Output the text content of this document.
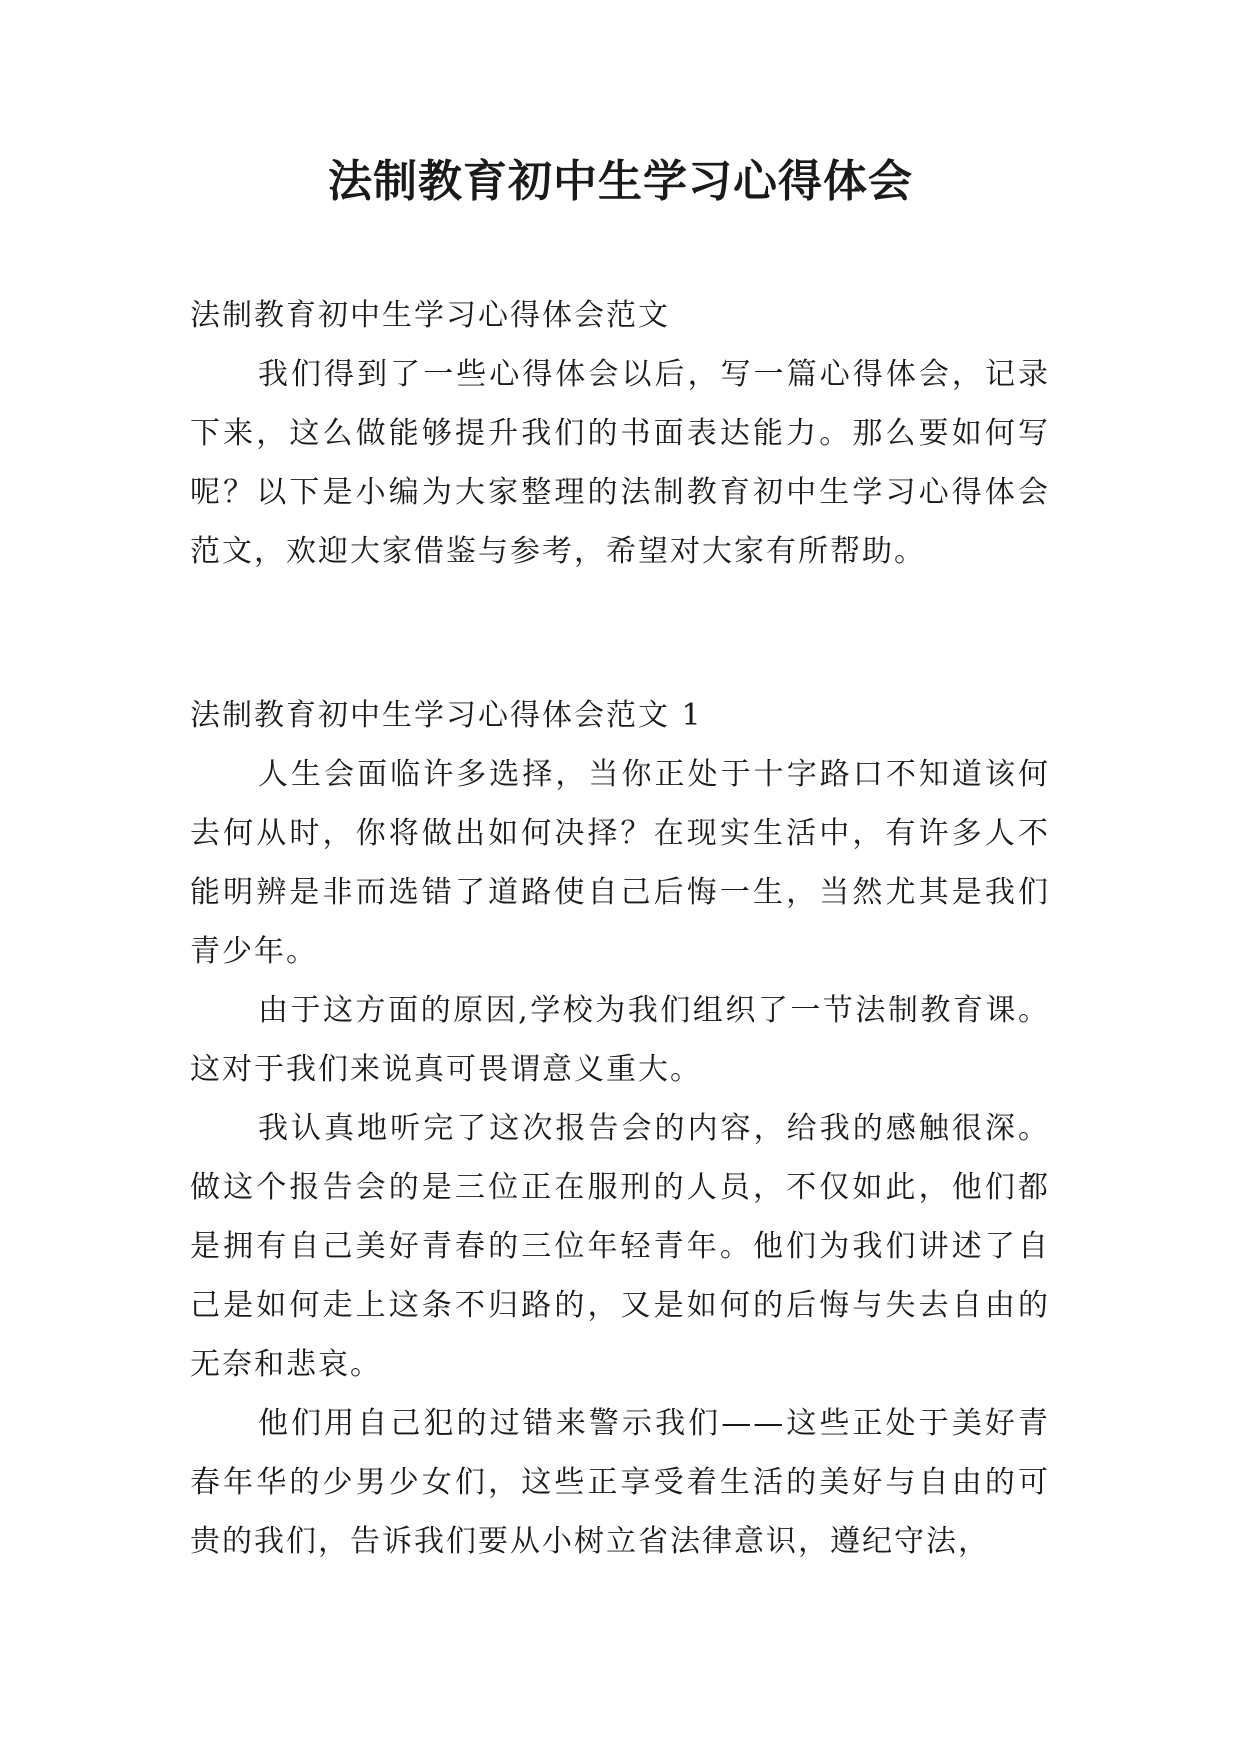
法制教育初中生学习心得体会
法制教育初中生学习心得体会范文

我们得到了一些心得体会以后，写一篇心得体会，记录下来，这么做能够提升我们的书面表达能力。那么要如何写呢？以下是小编为大家整理的法制教育初中生学习心得体会范文，欢迎大家借鉴与参考，希望对大家有所帮助。

法制教育初中生学习心得体会范文 1

人生会面临许多选择，当你正处于十字路口不知道该何去何从时，你将做出如何决择？在现实生活中，有许多人不能明辨是非而选错了道路使自己后悔一生，当然尤其是我们青少年。

由于这方面的原因,学校为我们组织了一节法制教育课。这对于我们来说真可畏谓意义重大。

我认真地听完了这次报告会的内容，给我的感触很深。做这个报告会的是三位正在服刑的人员，不仅如此，他们都是拥有自己美好青春的三位年轻青年。他们为我们讲述了自己是如何走上这条不归路的，又是如何的后悔与失去自由的无奈和悲哀。

他们用自己犯的过错来警示我们——这些正处于美好青春年华的少男少女们，这些正享受着生活的美好与自由的可贵的我们，告诉我们要从小树立省法律意识，遵纪守法，
